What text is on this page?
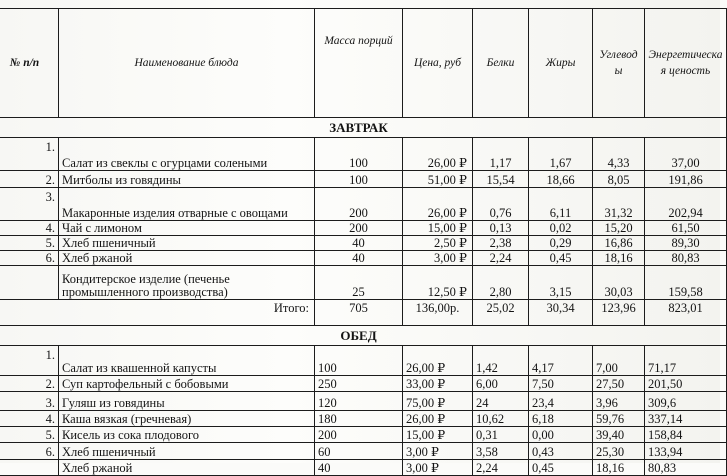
№ п/п	Наименование блюда	Масса порций	Цена, руб	Белки	Жиры	Углеводы	Энергетическая ценость
ЗАВТРАК							
1.	Салат из свеклы с огурцами солеными	100	26,00 ₽	1,17	1,67	4,33	37,00
2.	Митболы из говядины	100	51,00 ₽	15,54	18,66	8,05	191,86
3.	Макаронные изделия отварные с овощами	200	26,00 ₽	0,76	6,11	31,32	202,94
4.	Чай с лимоном	200	15,00 ₽	0,13	0,02	15,20	61,50
5.	Хлеб пшеничный	40	2,50 ₽	2,38	0,29	16,86	89,30
6.	Хлеб ржаной	40	3,00 ₽	2,24	0,45	18,16	80,83
	Кондитерское изделие (печенье промышленного производства)	25	12,50 ₽	2,80	3,15	30,03	159,58
Итого:		705	136,00р.	25,02	30,34	123,96	823,01
ОБЕД							
1.	Салат из квашенной капусты	100	26,00 ₽	1,42	4,17	7,00	71,17
2.	Суп картофельный с бобовыми	250	33,00 ₽	6,00	7,50	27,50	201,50
3.	Гуляш из говядины	120	75,00 ₽	24	23,4	3,96	309,6
4.	Каша вязкая (гречневая)	180	26,00 ₽	10,62	6,18	59,76	337,14
5.	Кисель из сока плодового	200	15,00 ₽	0,31	0,00	39,40	158,84
6.	Хлеб пшеничный	60	3,00 ₽	3,58	0,43	25,30	133,94
	Хлеб ржаной	40	3,00 ₽	2,24	0,45	18,16	80,83
